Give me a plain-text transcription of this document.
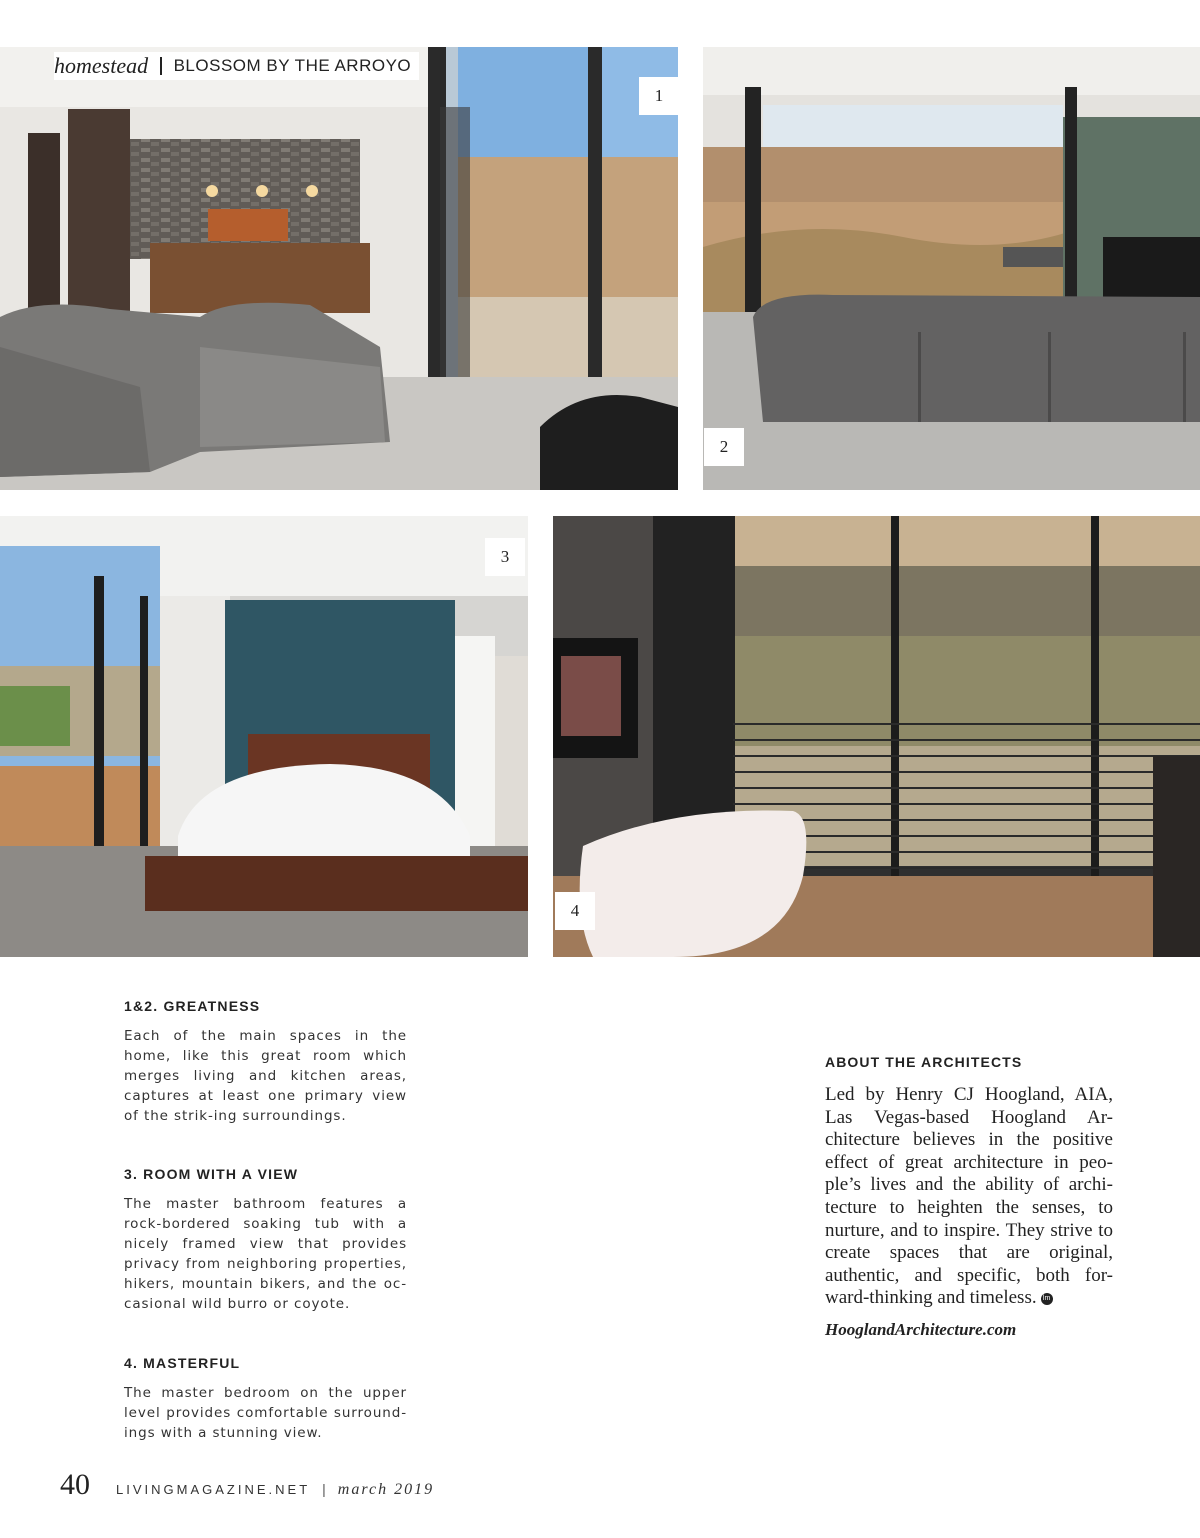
homestead BLOSSOM BY THE ARROYO
1
2
3
4
1&2. GREATNESS

Each of the main spaces in the home, like this great room which merges living and kitchen areas, captures at least one primary view of the strik-ing surroundings.

3. ROOM WITH A VIEW

The master bathroom features a rock-bordered soaking tub with a nicely framed view that provides privacy from neighboring properties, hikers, mountain bikers, and the oc-casional wild burro or coyote.

4. MASTERFUL

The master bedroom on the upper level provides comfortable surround-ings with a stunning view.

ABOUT THE ARCHITECTS

Led by Henry CJ Hoogland, AIA, Las Vegas-based Hoogland Ar-chitecture believes in the positive effect of great architecture in peo-ple’s lives and the ability of archi-tecture to heighten the senses, to nurture, and to inspire. They strive to create spaces that are original, authentic, and specific, both for-ward-thinking and timeless. lm

HooglandArchitecture.com
40 LIVINGMAGAZINE.NET | march 2019
